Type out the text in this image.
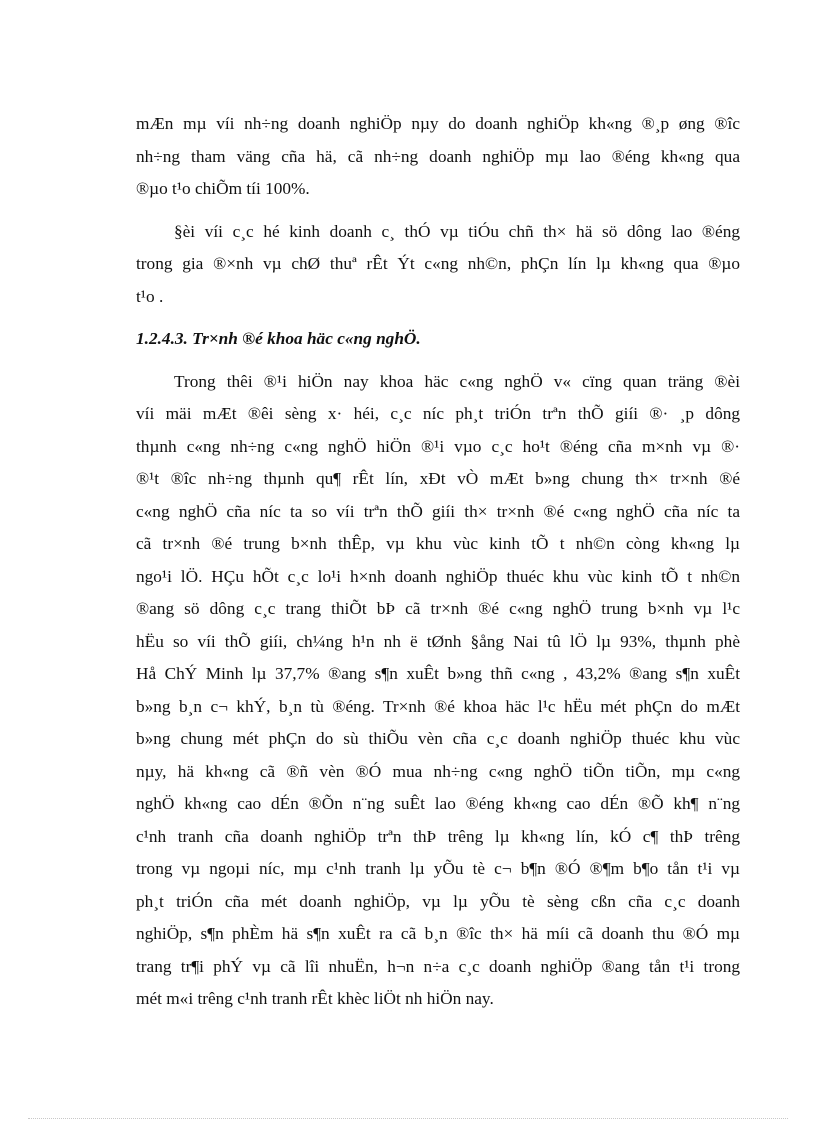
mÆn mµ víi nh÷ng doanh nghiÖp nµy do doanh nghiÖp kh«ng ®¸p øng ®îc
nh÷ng tham väng cña hä, cã nh÷ng doanh nghiÖp mµ lao ®éng kh«ng qua
®µo t¹o chiÕm tíi 100%.
§èi víi c¸c hé kinh doanh c¸ thÓ vµ tiÓu chñ th× hä sö dông lao ®éng
trong gia ®×nh vµ chØ thuª rÊt Ýt c«ng nh©n, phÇn lín lµ kh«ng qua ®µo
t¹o .
1.2.4.3. Tr×nh ®é khoa häc c«ng nghÖ.
Trong thêi ®¹i hiÖn nay khoa häc c«ng nghÖ v« cïng quan träng ®èi
víi mäi mÆt ®êi sèng x· héi, c¸c níc ph¸t triÓn trªn thÕ giíi ®· ¸p dông
thµnh c«ng nh÷ng c«ng nghÖ hiÖn ®¹i vµo c¸c ho¹t ®éng cña m×nh vµ ®·
®¹t ®îc nh÷ng thµnh qu¶ rÊt lín, xÐt vÒ mÆt b»ng chung th× tr×nh ®é
c«ng nghÖ cña níc ta so víi trªn thÕ giíi th× tr×nh ®é c«ng nghÖ cña níc ta
cã tr×nh ®é trung b×nh thÊp, vµ khu vùc kinh tÕ t nh©n còng kh«ng lµ
ngo¹i lÖ. HÇu hÕt c¸c lo¹i h×nh doanh nghiÖp thuéc khu vùc kinh tÕ t nh©n
®ang sö dông c¸c trang thiÕt bÞ cã tr×nh ®é c«ng nghÖ trung b×nh vµ l¹c
hËu so víi thÕ giíi, ch¼ng h¹n nh ë tØnh §ång Nai tû lÖ lµ 93%, thµnh phè
Hå ChÝ Minh lµ 37,7% ®ang s¶n xuÊt b»ng thñ c«ng , 43,2% ®ang s¶n xuÊt
b»ng b¸n c¬ khÝ, b¸n tù ®éng. Tr×nh ®é khoa häc l¹c hËu mét phÇn do mÆt
b»ng chung mét phÇn do sù thiÕu vèn cña c¸c doanh nghiÖp thuéc khu vùc
nµy, hä kh«ng cã ®ñ vèn ®Ó mua nh÷ng c«ng nghÖ tiÕn tiÕn, mµ c«ng
nghÖ kh«ng cao dÉn ®Õn n¨ng suÊt lao ®éng kh«ng cao dÉn ®Õ kh¶ n¨ng
c¹nh tranh cña doanh nghiÖp trªn thÞ trêng lµ kh«ng lín, kÓ c¶ thÞ trêng
trong vµ ngoµi níc, mµ c¹nh tranh lµ yÕu tè c¬ b¶n ®Ó ®¶m b¶o tån t¹i vµ
ph¸t triÓn cña mét doanh nghiÖp, vµ lµ yÕu tè sèng cßn cña c¸c doanh
nghiÖp, s¶n phÈm hä s¶n xuÊt ra cã b¸n ®îc th× hä míi cã doanh thu ®Ó mµ
trang tr¶i phÝ vµ cã lîi nhuËn, h¬n n÷a c¸c doanh nghiÖp ®ang tån t¹i trong
mét m«i trêng c¹nh tranh rÊt khèc liÖt nh hiÖn nay.
